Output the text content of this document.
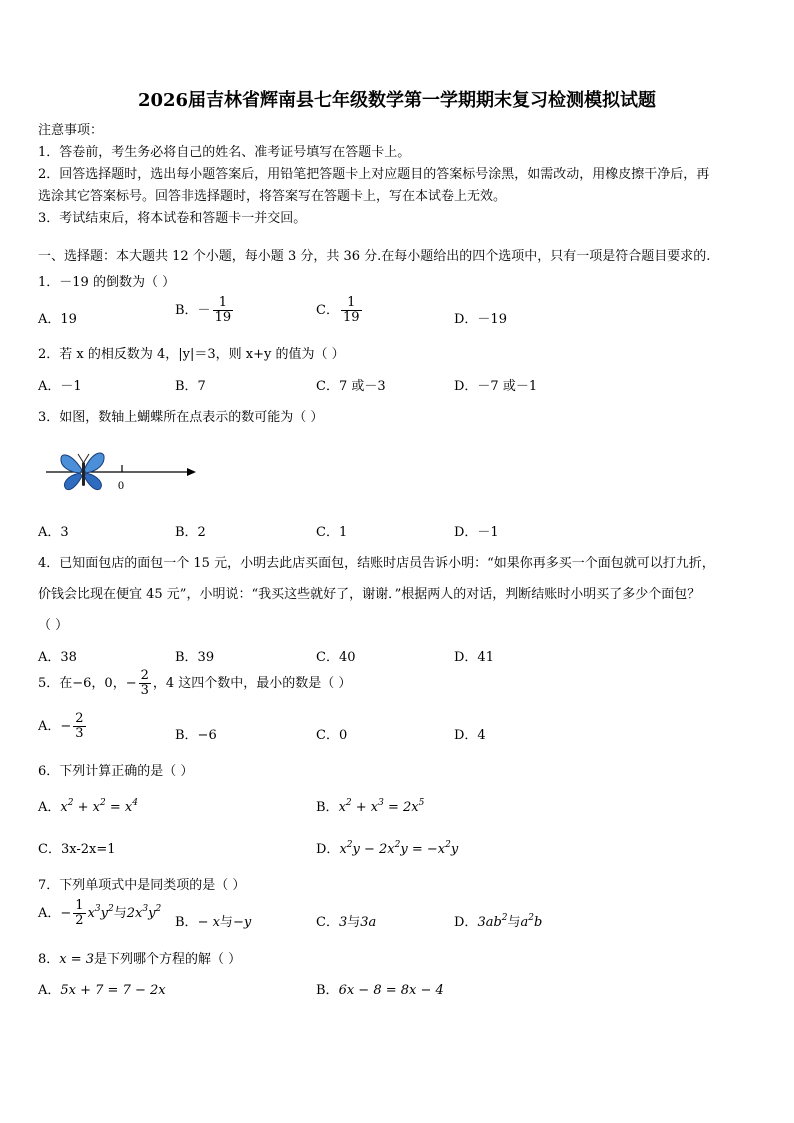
2026届吉林省辉南县七年级数学第一学期期末复习检测模拟试题
注意事项：
1．答卷前，考生务必将自己的姓名、准考证号填写在答题卡上。
2．回答选择题时，选出每小题答案后，用铅笔把答题卡上对应题目的答案标号涂黑，如需改动，用橡皮擦干净后，再
选涂其它答案标号。回答非选择题时，将答案写在答题卡上，写在本试卷上无效。
3．考试结束后，将本试卷和答题卡一并交回。
一、选择题：本大题共 12 个小题，每小题 3 分，共 36 分.在每小题给出的四个选项中，只有一项是符合题目要求的.
1．－19 的倒数为（ ）
A．19
B．－ $\frac{1}{19}$	C． $\frac{1}{19}$	D．－19
2．若 x 的相反数为 4，|y|＝3，则 x+y 的值为（ ）
A．－1	B．7	C．7 或－3	D．－7 或－1
3．如图，数轴上蝴蝶所在点表示的数可能为（ ）
0
A．3	B．2	C．1	D．－1
4．已知面包店的面包一个 15 元，小明去此店买面包，结账时店员告诉小明：“如果你再多买一个面包就可以打九折，
价钱会比现在便宜 45 元”，小明说：“我买这些就好了，谢谢．”根据两人的对话，判断结账时小明买了多少个面包？
（ ）
A．38	B．39	C．40	D．41
5．在−6，0，− $\frac{2}{3}$ ，4 这四个数中，最小的数是（ ）
A．− $\frac{2}{3}$	B．−6	C．0	D．4
6．下列计算正确的是（ ）
A．$x^2 + x^2 = x^4$	B．$x^2 + x^3 = 2x^5$
C．3x-2x=1	D．$x^2y - 2x^2y = -x^2y$
7．下列单项式中是同类项的是（ ）
A．− $\frac{1}{2} x^3y^2$与$2x^3y^2$
B．− x与−y	C．3与3a	D．$3ab^2$与$a^2b$
8．x = 3是下列哪个方程的解（ ）
A．5x + 7 = 7 − 2x	B．6x − 8 = 8x − 4
